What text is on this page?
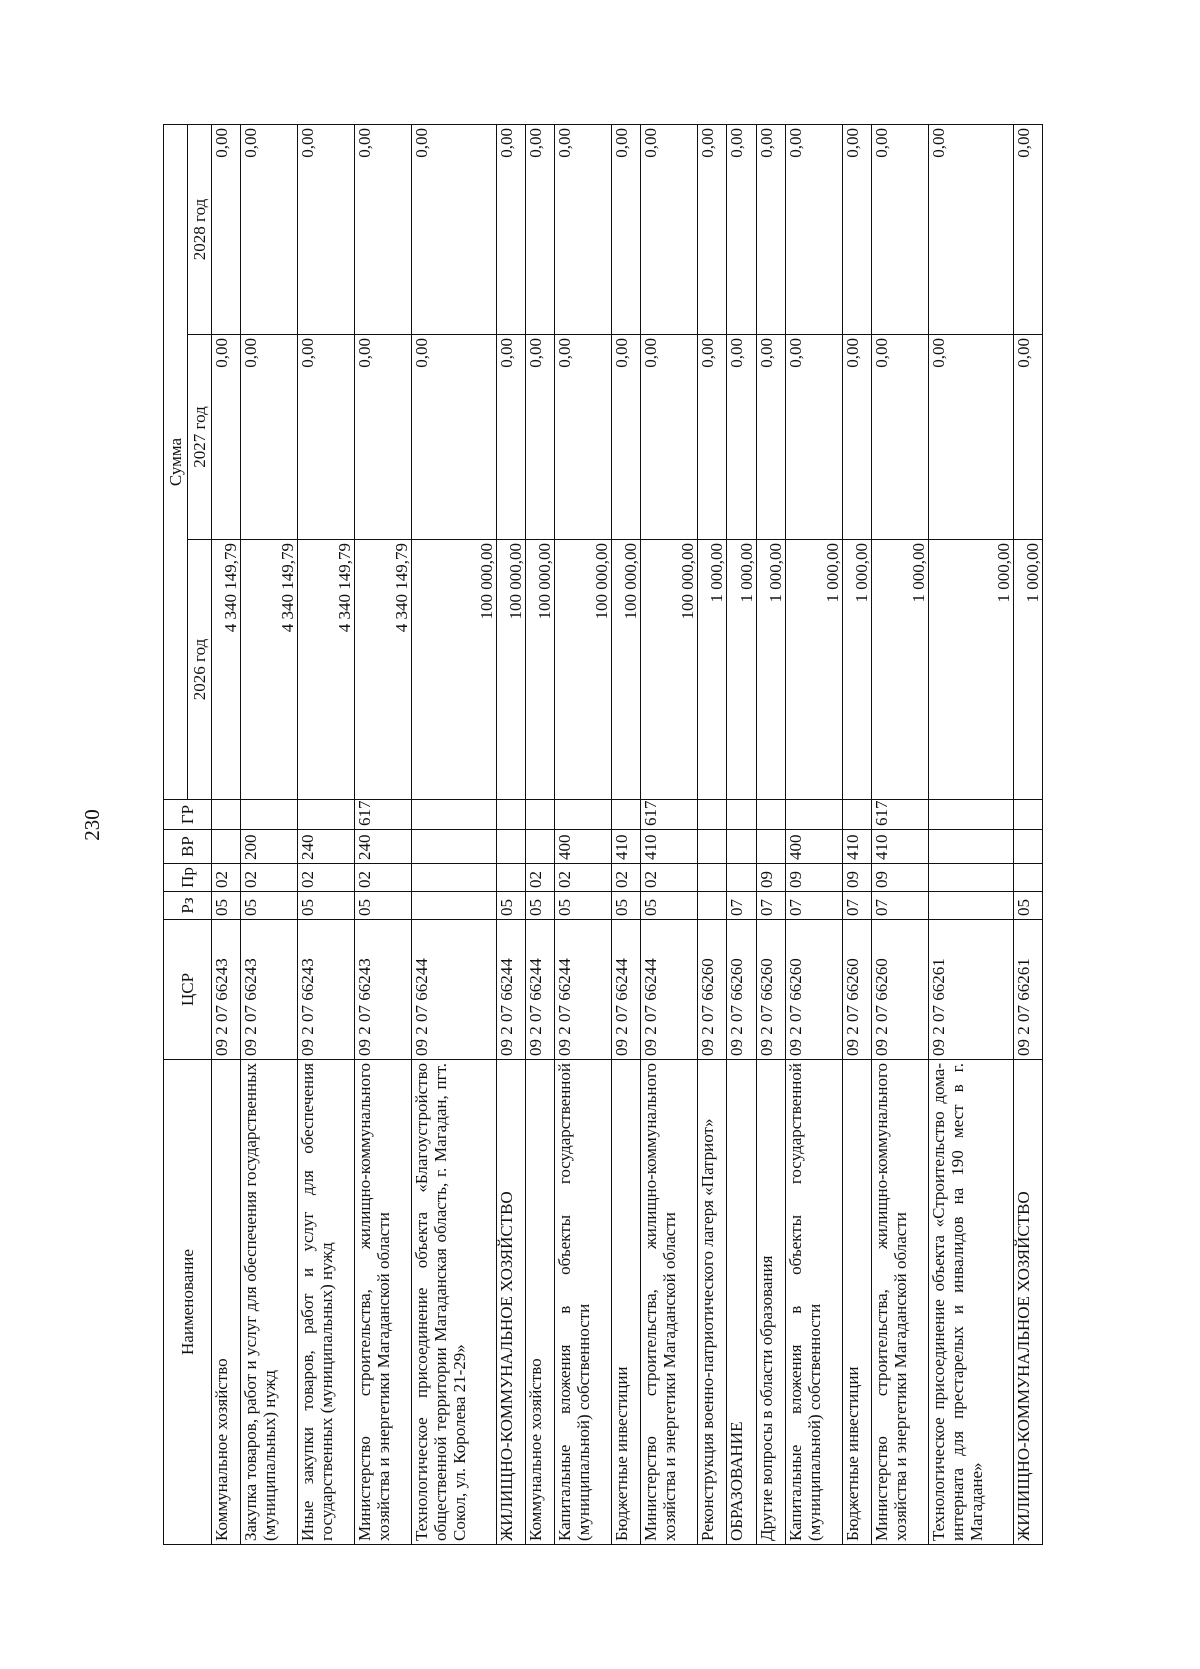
230
Наименование	ЦСР	Рз	Пр	ВР	ГР	Сумма		
						2026 год	2027 год	2028 год
Коммунальное хозяйство	09 2 07 66243	05	02			4 340 149,79	0,00	0,00
Закупка товаров, работ и услуг для обеспечения государственных (муниципальных) нужд	09 2 07 66243	05	02	200		4 340 149,79	0,00	0,00
Иные закупки товаров, работ и услуг для обеспечения государственных (муниципальных) нужд	09 2 07 66243	05	02	240		4 340 149,79	0,00	0,00
Министерство строительства, жилищно-коммунального хозяйства и энергетики Магаданской области	09 2 07 66243	05	02	240	617	4 340 149,79	0,00	0,00
Технологическое присоединение объекта «Благоустройство общественной территории Магаданская область, г. Магадан, пгт. Сокол, ул. Королева 21-29»	09 2 07 66244					100 000,00	0,00	0,00
ЖИЛИЩНО-КОММУНАЛЬНОЕ ХОЗЯЙСТВО	09 2 07 66244	05				100 000,00	0,00	0,00
Коммунальное хозяйство	09 2 07 66244	05	02			100 000,00	0,00	0,00
Капитальные вложения в объекты государственной (муниципальной) собственности	09 2 07 66244	05	02	400		100 000,00	0,00	0,00
Бюджетные инвестиции	09 2 07 66244	05	02	410		100 000,00	0,00	0,00
Министерство строительства, жилищно-коммунального хозяйства и энергетики Магаданской области	09 2 07 66244	05	02	410	617	100 000,00	0,00	0,00
Реконструкция военно-патриотического лагеря «Патриот»	09 2 07 66260					1 000,00	0,00	0,00
ОБРАЗОВАНИЕ	09 2 07 66260	07				1 000,00	0,00	0,00
Другие вопросы в области образования	09 2 07 66260	07	09			1 000,00	0,00	0,00
Капитальные вложения в объекты государственной (муниципальной) собственности	09 2 07 66260	07	09	400		1 000,00	0,00	0,00
Бюджетные инвестиции	09 2 07 66260	07	09	410		1 000,00	0,00	0,00
Министерство строительства, жилищно-коммунального хозяйства и энергетики Магаданской области	09 2 07 66260	07	09	410	617	1 000,00	0,00	0,00
Технологическое присоединение объекта «Строительство дома-интерната для престарелых и инвалидов на 190 мест в г. Магадане»	09 2 07 66261					1 000,00	0,00	0,00
ЖИЛИЩНО-КОММУНАЛЬНОЕ ХОЗЯЙСТВО	09 2 07 66261	05				1 000,00	0,00	0,00
